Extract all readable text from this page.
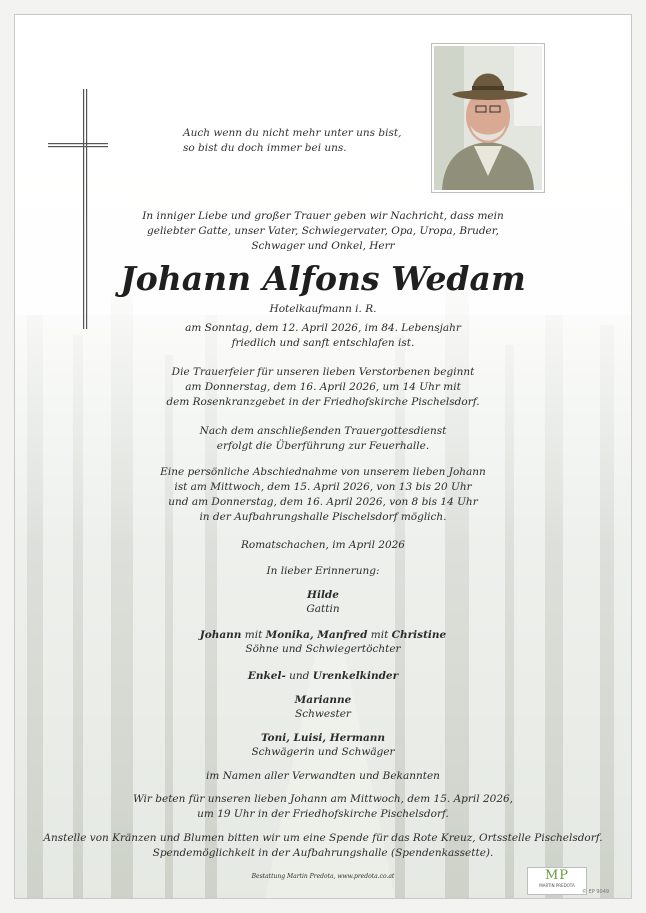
Auch wenn du nicht mehr unter uns bist,
so bist du doch immer bei uns.
In inniger Liebe und großer Trauer geben wir Nachricht, dass mein
geliebter Gatte, unser Vater, Schwiegervater, Opa, Uropa, Bruder,
Schwager und Onkel, Herr
Johann Alfons Wedam
Hotelkaufmann i. R.
am Sonntag, dem 12. April 2026, im 84. Lebensjahr
friedlich und sanft entschlafen ist.
Die Trauerfeier für unseren lieben Verstorbenen beginnt
am Donnerstag, dem 16. April 2026, um 14 Uhr mit
dem Rosenkranzgebet in der Friedhofskirche Pischelsdorf.
Nach dem anschließenden Trauergottesdienst
erfolgt die Überführung zur Feuerhalle.
Eine persönliche Abschiednahme von unserem lieben Johann
ist am Mittwoch, dem 15. April 2026, von 13 bis 20 Uhr
und am Donnerstag, dem 16. April 2026, von 8 bis 14 Uhr
in der Aufbahrungshalle Pischelsdorf möglich.
Romatschachen, im April 2026
In lieber Erinnerung:
Hilde
Gattin
Johann mit Monika, Manfred mit Christine
Söhne und Schwiegertöchter
Enkel- und Urenkelkinder
Marianne
Schwester
Toni, Luisi, Hermann
Schwägerin und Schwäger
im Namen aller Verwandten und Bekannten
Wir beten für unseren lieben Johann am Mittwoch, dem 15. April 2026,
um 19 Uhr in der Friedhofskirche Pischelsdorf.
Anstelle von Kränzen und Blumen bitten wir um eine Spende für das Rote Kreuz, Ortsstelle Pischelsdorf.
Spendemöglichkeit in der Aufbahrungshalle (Spendenkassette).
Bestattung Martin Predota, www.predota.co.at	MP
MARTIN PREDOTA
© EP 9049
